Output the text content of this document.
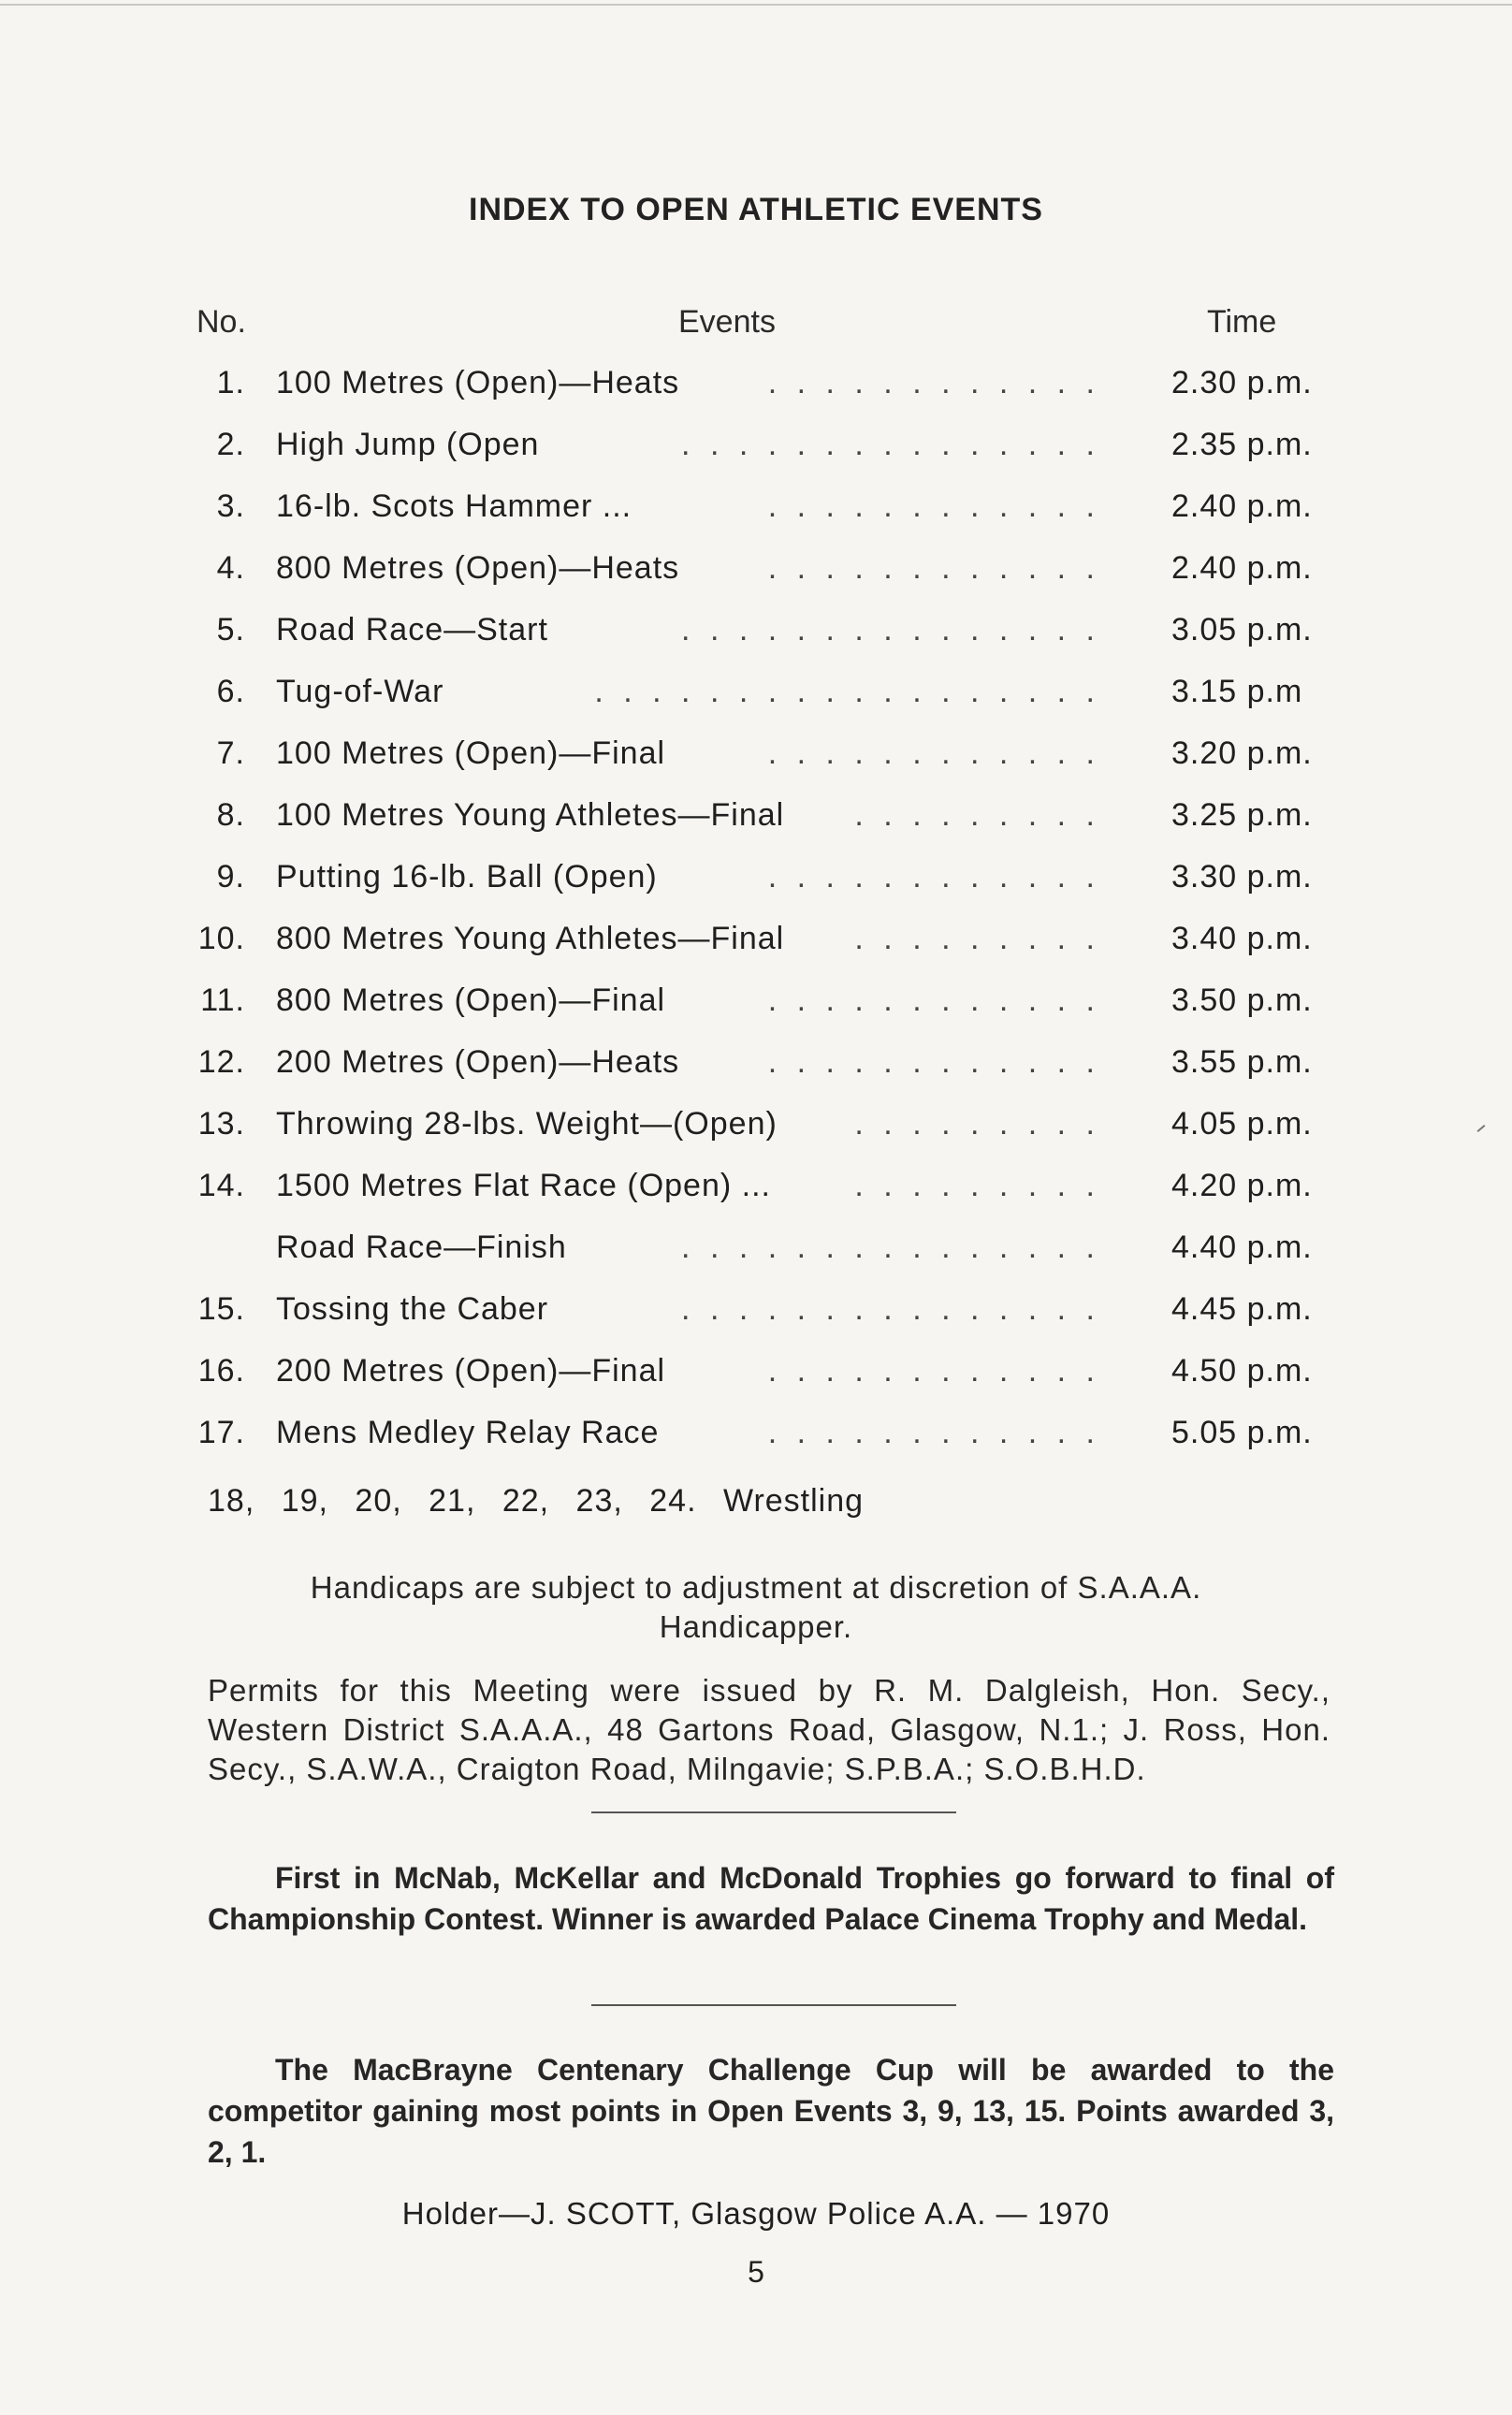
INDEX TO OPEN ATHLETIC EVENTS
No.	Events	Time
1. 100 Metres (Open)—Heats	. . . . . . . . . . . . 2.30 p.m.
2. High Jump (Open	. . . . . . . . . . . . . . . 2.35 p.m.
3. 16-lb. Scots Hammer ...	. . . . . . . . . . . . 2.40 p.m.
4. 800 Metres (Open)—Heats	. . . . . . . . . . . . 2.40 p.m.
5. Road Race—Start	. . . . . . . . . . . . . . . 3.05 p.m.
6. Tug-of-War	. . . . . . . . . . . . . . . . . . 3.15 p.m
7. 100 Metres (Open)—Final	. . . . . . . . . . . . 3.20 p.m.
8. 100 Metres Young Athletes—Final . . . . . . . . . 3.25 p.m.
9. Putting 16-lb. Ball (Open)	. . . . . . . . . . . . 3.30 p.m.
10. 800 Metres Young Athletes—Final . . . . . . . . . 3.40 p.m.
11. 800 Metres (Open)—Final	. . . . . . . . . . . . 3.50 p.m.
12. 200 Metres (Open)—Heats	. . . . . . . . . . . . 3.55 p.m.
13. Throwing 28-lbs. Weight—(Open) . . . . . . . . . 4.05 p.m.
14. 1500 Metres Flat Race (Open) ...	. . . . . . . . . 4.20 p.m.
Road Race—Finish	. . . . . . . . . . . . . . . 4.40 p.m.
15. Tossing the Caber	. . . . . . . . . . . . . . . 4.45 p.m.
16. 200 Metres (Open)—Final	. . . . . . . . . . . . 4.50 p.m.
17. Mens Medley Relay Race	. . . . . . . . . . . . 5.05 p.m.
18, 19, 20, 21, 22, 23, 24. Wrestling
Handicaps are subject to adjustment at discretion of S.A.A.A. Handicapper.
Permits for this Meeting were issued by R. M. Dalgleish, Hon. Secy., Western District S.A.A.A., 48 Gartons Road, Glasgow, N.1.; J. Ross, Hon. Secy., S.A.W.A., Craigton Road, Milngavie; S.P.B.A.; S.O.B.H.D.
First in McNab, McKellar and McDonald Trophies go forward to final of Championship Contest. Winner is awarded Palace Cinema Trophy and Medal.
The MacBrayne Centenary Challenge Cup will be awarded to the competitor gaining most points in Open Events 3, 9, 13, 15. Points awarded 3, 2, 1.
Holder—J. SCOTT, Glasgow Police A.A. — 1970
5
